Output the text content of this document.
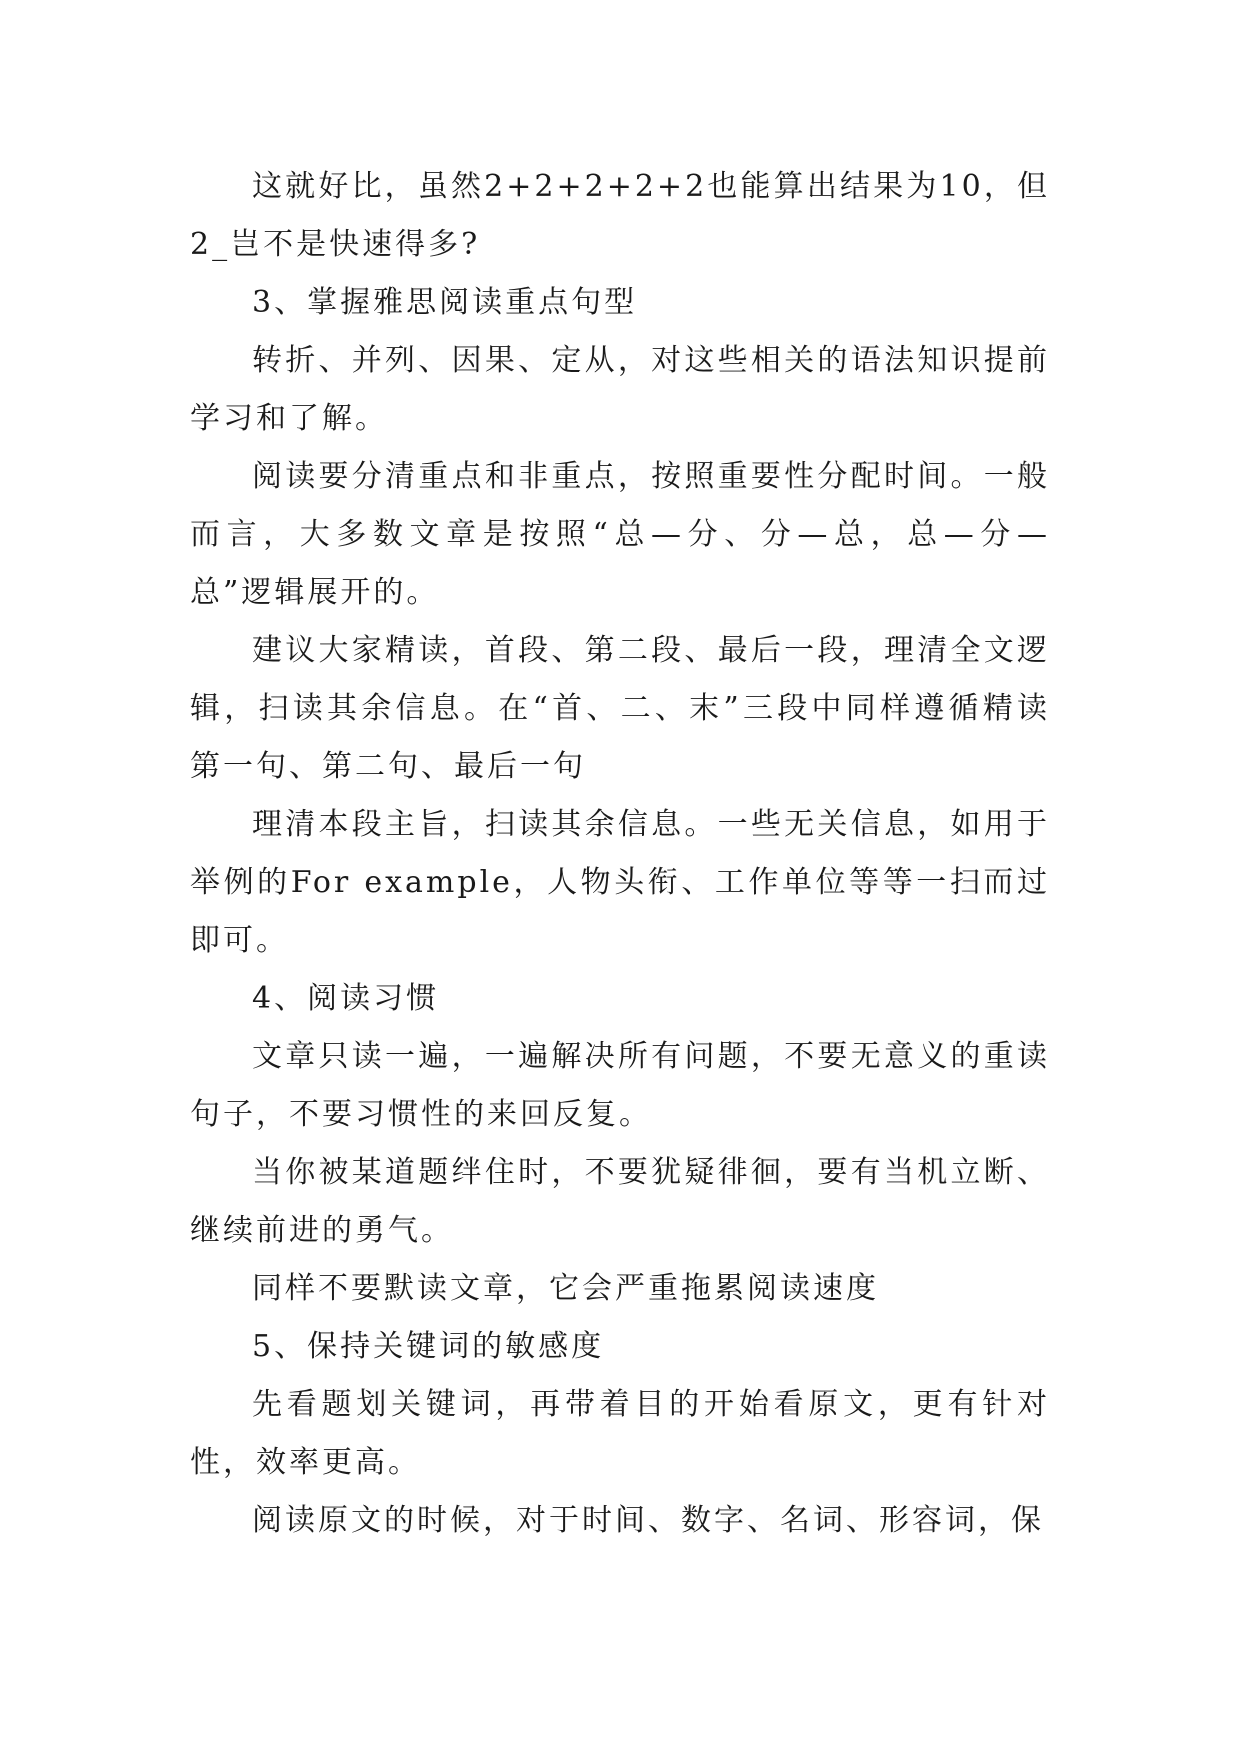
这就好比，虽然2+2+2+2+2也能算出结果为10，但2_岂不是快速得多?

3、掌握雅思阅读重点句型

转折、并列、因果、定从，对这些相关的语法知识提前学习和了解。

阅读要分清重点和非重点，按照重要性分配时间。一般而言，大多数文章是按照“总—分、分—总，总—分—总”逻辑展开的。

建议大家精读，首段、第二段、最后一段，理清全文逻辑，扫读其余信息。在“首、二、末”三段中同样遵循精读第一句、第二句、最后一句

理清本段主旨，扫读其余信息。一些无关信息，如用于举例的For example，人物头衔、工作单位等等一扫而过即可。

4、阅读习惯

文章只读一遍，一遍解决所有问题，不要无意义的重读句子，不要习惯性的来回反复。

当你被某道题绊住时，不要犹疑徘徊，要有当机立断、继续前进的勇气。

同样不要默读文章，它会严重拖累阅读速度

5、保持关键词的敏感度

先看题划关键词，再带着目的开始看原文，更有针对性，效率更高。

阅读原文的时候，对于时间、数字、名词、形容词，保
